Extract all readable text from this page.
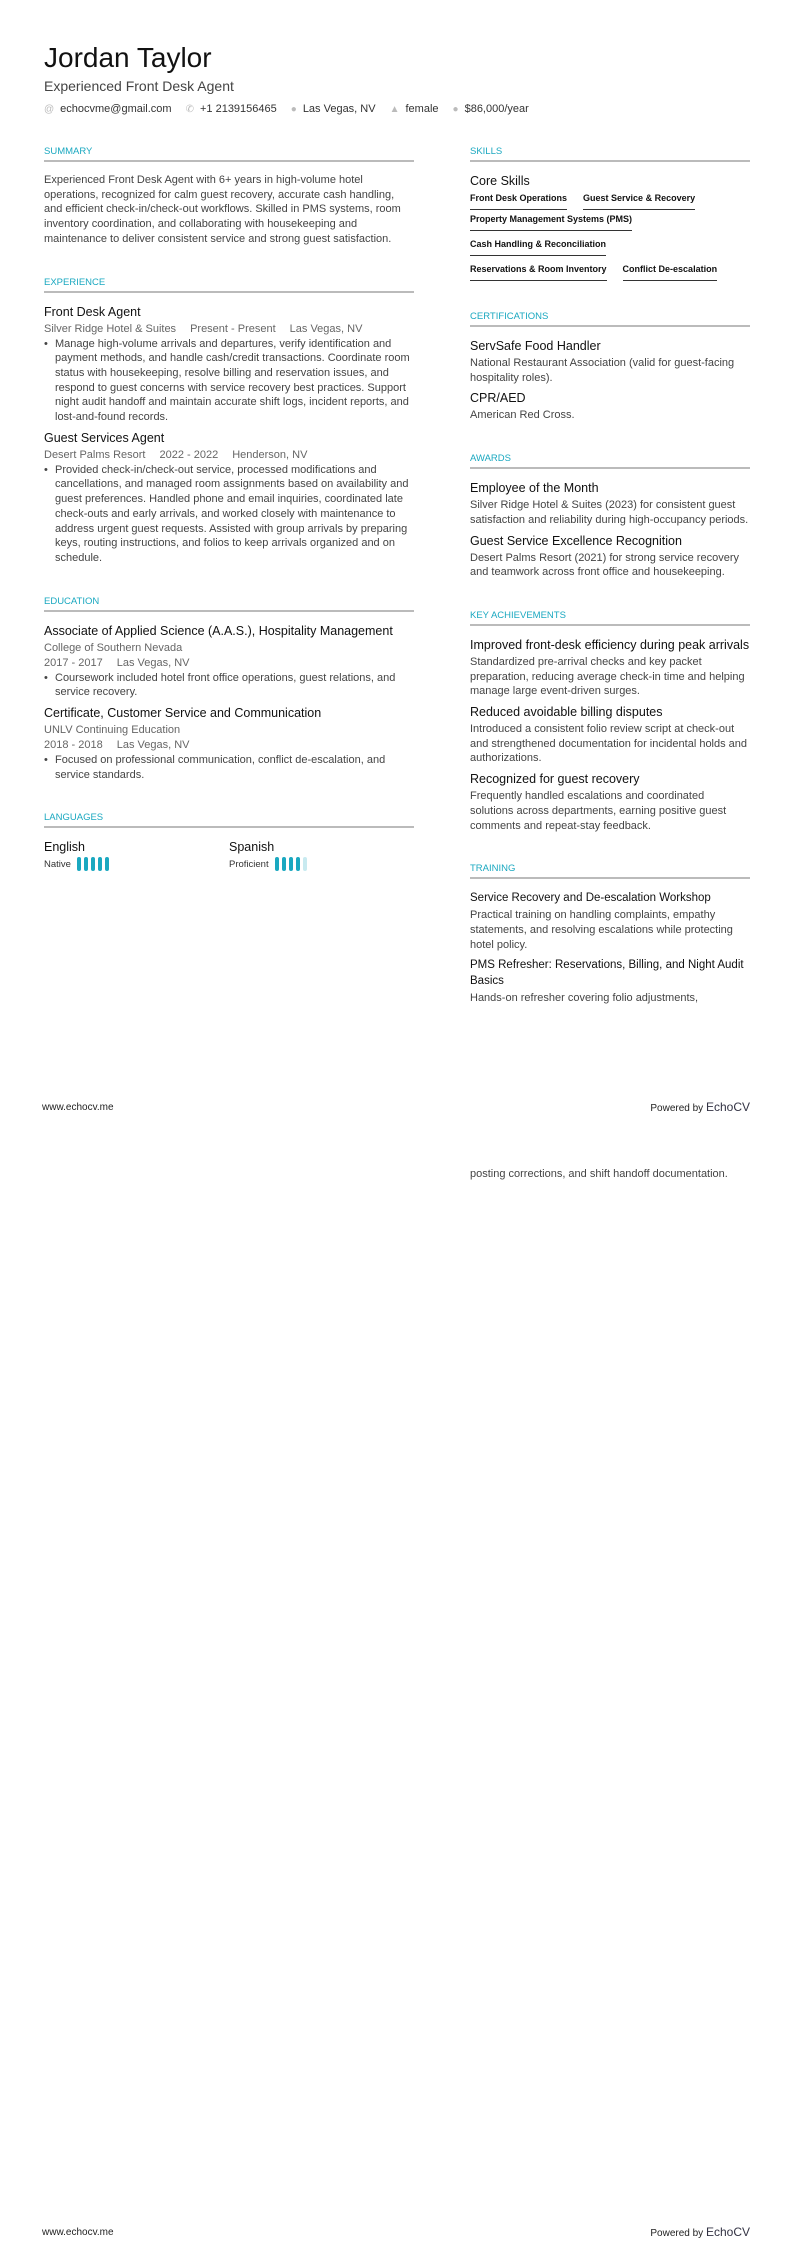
Jordan Taylor
Experienced Front Desk Agent
@ echocvme@gmail.com ✆ +1 2139156465 ● Las Vegas, NV ▲ female ● $86,000/year
SUMMARY

Experienced Front Desk Agent with 6+ years in high-volume hotel operations, recognized for calm guest recovery, accurate cash handling, and efficient check-in/check-out workflows. Skilled in PMS systems, room inventory coordination, and collaborating with housekeeping and maintenance to deliver consistent service and strong guest satisfaction.

EXPERIENCE
Front Desk Agent
Silver Ridge Hotel & Suites Present - Present Las Vegas, NV
• Manage high-volume arrivals and departures, verify identification and payment methods, and handle cash/credit transactions. Coordinate room status with housekeeping, resolve billing and reservation issues, and respond to guest concerns with service recovery best practices. Support night audit handoff and maintain accurate shift logs, incident reports, and lost-and-found records.
Guest Services Agent
Desert Palms Resort 2022 - 2022 Henderson, NV
• Provided check-in/check-out service, processed modifications and cancellations, and managed room assignments based on availability and guest preferences. Handled phone and email inquiries, coordinated late check-outs and early arrivals, and worked closely with maintenance to address urgent guest requests. Assisted with group arrivals by preparing keys, routing instructions, and folios to keep arrivals organized and on schedule.
EDUCATION
Associate of Applied Science (A.A.S.), Hospitality Management
College of Southern Nevada
2017 - 2017 Las Vegas, NV
• Coursework included hotel front office operations, guest relations, and service recovery.
Certificate, Customer Service and Communication
UNLV Continuing Education
2018 - 2018 Las Vegas, NV
• Focused on professional communication, conflict de-escalation, and service standards.
LANGUAGES
English
Native
Spanish
Proficient
SKILLS
Core Skills
Front Desk Operations Guest Service & Recovery
Property Management Systems (PMS)
Cash Handling & Reconciliation
Reservations & Room Inventory Conflict De-escalation
CERTIFICATIONS
ServSafe Food Handler

National Restaurant Association (valid for guest-facing hospitality roles).

CPR/AED

American Red Cross.

AWARDS
Employee of the Month

Silver Ridge Hotel & Suites (2023) for consistent guest satisfaction and reliability during high-occupancy periods.

Guest Service Excellence Recognition

Desert Palms Resort (2021) for strong service recovery and teamwork across front office and housekeeping.

KEY ACHIEVEMENTS
Improved front-desk efficiency during peak arrivals

Standardized pre-arrival checks and key packet preparation, reducing average check-in time and helping manage large event-driven surges.

Reduced avoidable billing disputes

Introduced a consistent folio review script at check-out and strengthened documentation for incidental holds and authorizations.

Recognized for guest recovery

Frequently handled escalations and coordinated solutions across departments, earning positive guest comments and repeat-stay feedback.

TRAINING
Service Recovery and De-escalation Workshop

Practical training on handling complaints, empathy statements, and resolving escalations while protecting hotel policy.

PMS Refresher: Reservations, Billing, and Night Audit Basics

Hands-on refresher covering folio adjustments,

www.echocv.me	Powered by EchoCV

posting corrections, and shift handoff documentation.

www.echocv.me	Powered by EchoCV
